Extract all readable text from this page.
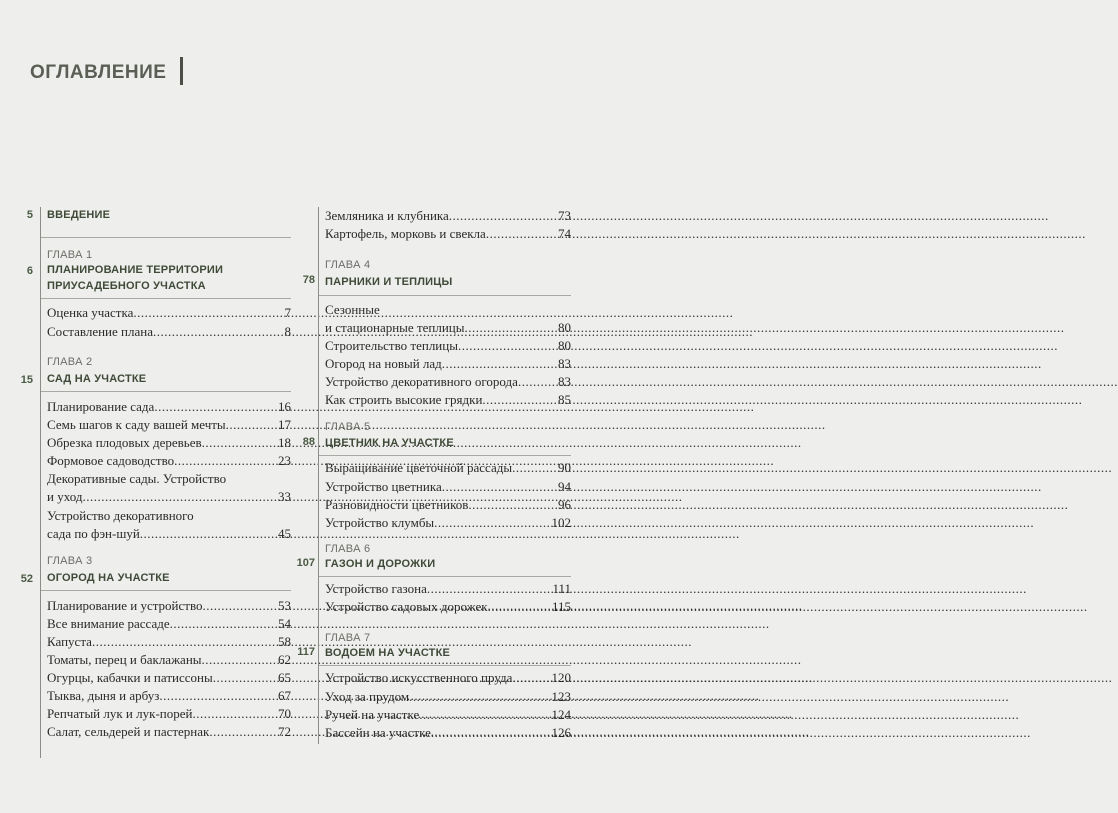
ОГЛАВЛЕНИЕ
5 ВВЕДЕНИЕ
ГЛАВА 1
6 ПЛАНИРОВАНИЕ ТЕРРИТОРИИ
ПРИУСАДЕБНОГО УЧАСТКА
Оценка участка .....	7
Составление плана .....	8
ГЛАВА 2
15 САД НА УЧАСТКЕ
Планирование сада .....	16
Семь шагов к саду вашей мечты .....	17
Обрезка плодовых деревьев .....	18
Формовое садоводство .....	23
Декоративные сады. Устройство
и уход .....	33
Устройство декоративного
сада по фэн-шуй .....	45
ГЛАВА 3
52 ОГОРОД НА УЧАСТКЕ
Планирование и устройство .....	53
Все внимание рассаде .....	54
Капуста .....	58
Томаты, перец и баклажаны .....	62
Огурцы, кабачки и патиссоны .....	65
Тыква, дыня и арбуз .....	67
Репчатый лук и лук-порей .....	70
Салат, сельдерей и пастернак .....	72
Земляника и клубника .....	73
Картофель, морковь и свекла .....	74
ГЛАВА 4
78 ПАРНИКИ И ТЕПЛИЦЫ
Сезонные
и стационарные теплицы .....	80
Строительство теплицы .....	80
Огород на новый лад .....	83
Устройство декоративного огорода .....	83
Как строить высокие грядки .....	85
ГЛАВА 5
88 ЦВЕТНИК НА УЧАСТКЕ
Выращивание цветочной рассады .....	90
Устройство цветника .....	94
Разновидности цветников .....	96
Устройство клумбы .....	102
ГЛАВА 6
107 ГАЗОН И ДОРОЖКИ
Устройство газона .....	111
Устройство садовых дорожек .....	115
ГЛАВА 7
117 ВОДОЕМ НА УЧАСТКЕ
Устройство искусственного пруда .....	120
Уход за прудом .....	123
Ручей на участке .....	124
Бассейн на участке .....	126
